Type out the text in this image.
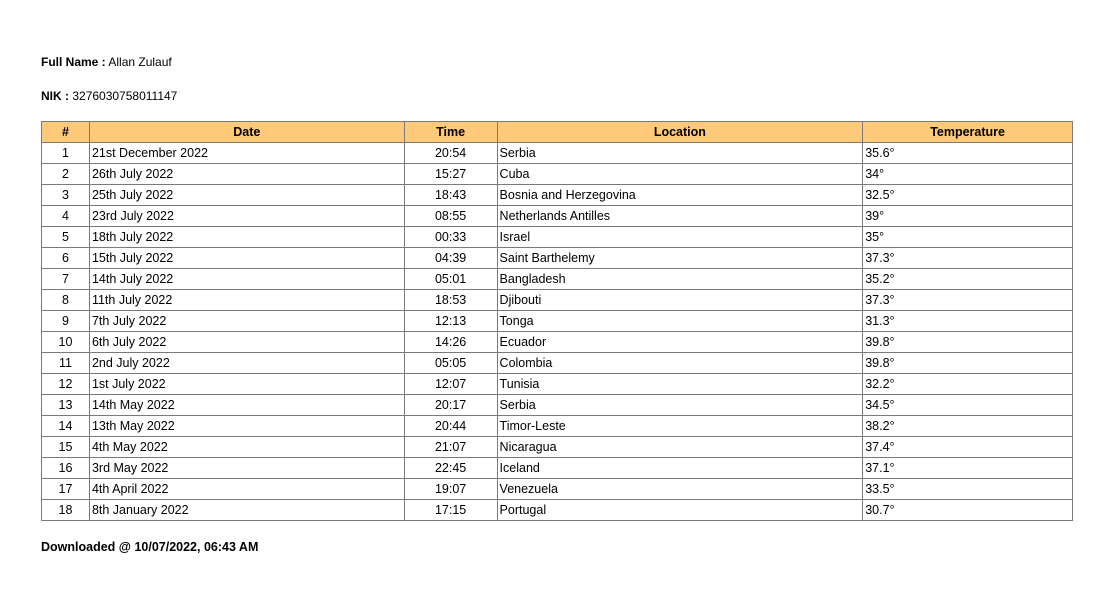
Full Name : Allan Zulauf
NIK : 3276030758011147
#	Date	Time	Location	Temperature
1	21st December 2022	20:54	Serbia	35.6°
2	26th July 2022	15:27	Cuba	34°
3	25th July 2022	18:43	Bosnia and Herzegovina	32.5°
4	23rd July 2022	08:55	Netherlands Antilles	39°
5	18th July 2022	00:33	Israel	35°
6	15th July 2022	04:39	Saint Barthelemy	37.3°
7	14th July 2022	05:01	Bangladesh	35.2°
8	11th July 2022	18:53	Djibouti	37.3°
9	7th July 2022	12:13	Tonga	31.3°
10	6th July 2022	14:26	Ecuador	39.8°
11	2nd July 2022	05:05	Colombia	39.8°
12	1st July 2022	12:07	Tunisia	32.2°
13	14th May 2022	20:17	Serbia	34.5°
14	13th May 2022	20:44	Timor-Leste	38.2°
15	4th May 2022	21:07	Nicaragua	37.4°
16	3rd May 2022	22:45	Iceland	37.1°
17	4th April 2022	19:07	Venezuela	33.5°
18	8th January 2022	17:15	Portugal	30.7°
Downloaded @ 10/07/2022, 06:43 AM
